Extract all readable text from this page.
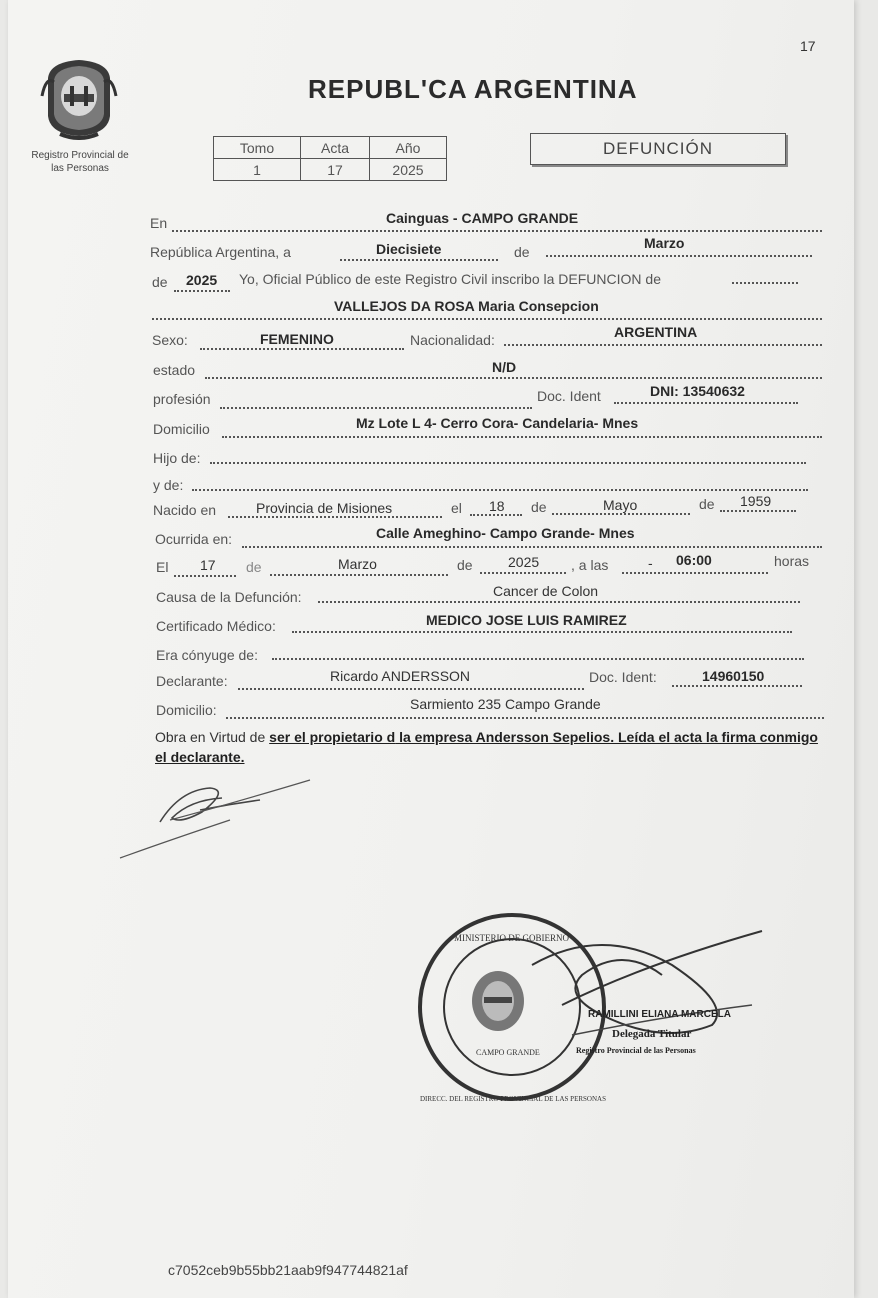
17
Registro Provincial de
las Personas
REPUBL'CA ARGENTINA
Tomo	Acta	Año
1	17	2025
DEFUNCIÓN
En	Cainguas - CAMPO GRANDE
República Argentina, a	Diecisiete	de
Marzo
de 2025 Yo, Oficial Público de este Registro Civil inscribo la DEFUNCION de
VALLEJOS DA ROSA Maria Consepcion
Sexo:	FEMENINO	Nacionalidad:	ARGENTINA
estado	N/D
profesión	Doc. Ident	DNI: 13540632
Domicilio	Mz Lote L 4- Cerro Cora- Candelaria- Mnes
Hijo de:
y de:
Nacido en	Provincia de Misiones	el 18 de	Mayo	de 1959
Ocurrida en:	Calle Ameghino- Campo Grande- Mnes
El 17 de	Marzo	de	2025 , a las	- 06:00	horas
Causa de la Defunción:	Cancer de Colon
Certificado Médico:	MEDICO JOSE LUIS RAMIREZ
Era cónyuge de:
Declarante:	Ricardo ANDERSSON	Doc. Ident:	14960150
Domicilio:	Sarmiento 235 Campo Grande
Obra en Virtud de ser el propietario d la empresa Andersson Sepelios. Leída el acta la firma conmigo el declarante.
RAMILLINI ELIANA MARCELA
Delegada Titular
Registro Provincial de las Personas
MINISTERIO DE GOBIERNO
CAMPO GRANDE
DIRECC. DEL REGISTRO PROVINCIAL DE LAS PERSONAS
c7052ceb9b55bb21aab9f947744821af
